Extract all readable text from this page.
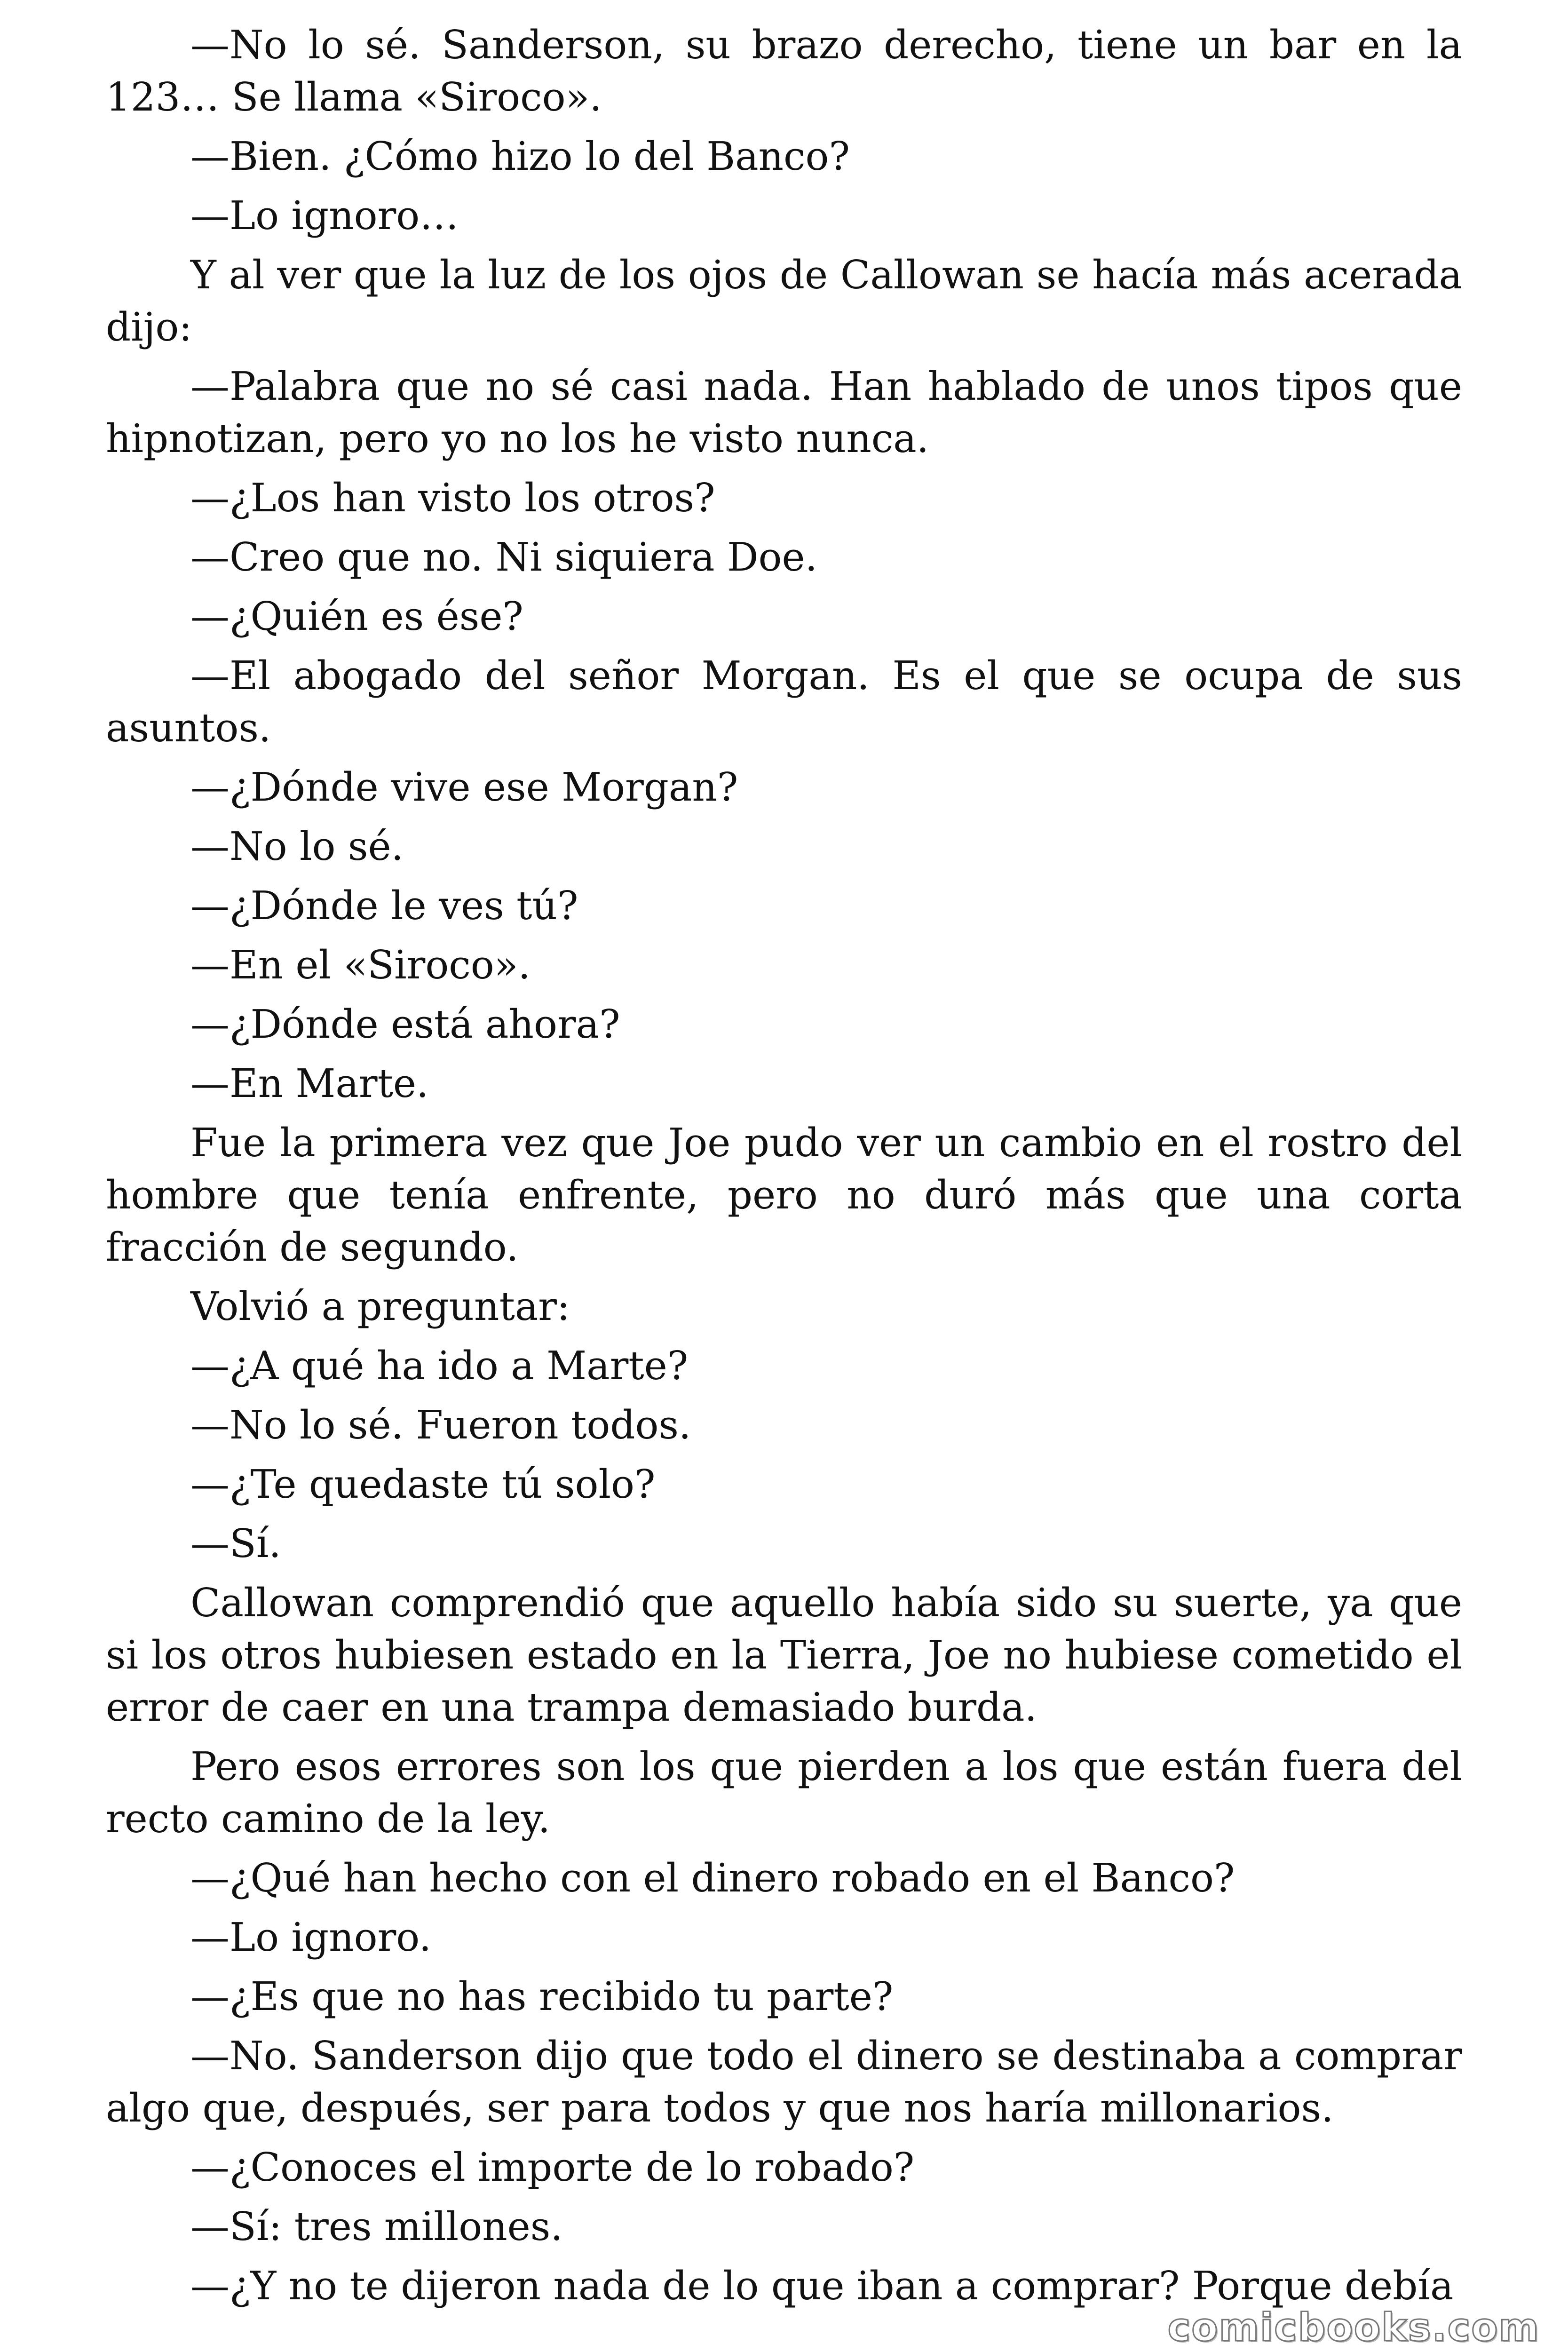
—No lo sé. Sanderson, su brazo derecho, tiene un bar en la 123… Se llama «Siroco».

—Bien. ¿Cómo hizo lo del Banco?

—Lo ignoro…

Y al ver que la luz de los ojos de Callowan se hacía más acerada dijo:

—Palabra que no sé casi nada. Han hablado de unos tipos que hipnotizan, pero yo no los he visto nunca.

—¿Los han visto los otros?

—Creo que no. Ni siquiera Doe.

—¿Quién es ése?

—El abogado del señor Morgan. Es el que se ocupa de sus asuntos.

—¿Dónde vive ese Morgan?

—No lo sé.

—¿Dónde le ves tú?

—En el «Siroco».

—¿Dónde está ahora?

—En Marte.

Fue la primera vez que Joe pudo ver un cambio en el rostro del hombre que tenía enfrente, pero no duró más que una corta fracción de segundo.

Volvió a preguntar:

—¿A qué ha ido a Marte?

—No lo sé. Fueron todos.

—¿Te quedaste tú solo?

—Sí.

Callowan comprendió que aquello había sido su suerte, ya que si los otros hubiesen estado en la Tierra, Joe no hubiese cometido el error de caer en una trampa demasiado burda.

Pero esos errores son los que pierden a los que están fuera del recto camino de la ley.

—¿Qué han hecho con el dinero robado en el Banco?

—Lo ignoro.

—¿Es que no has recibido tu parte?

—No. Sanderson dijo que todo el dinero se destinaba a comprar algo que, después, ser para todos y que nos haría millonarios.

—¿Conoces el importe de lo robado?

—Sí: tres millones.

—¿Y no te dijeron nada de lo que iban a comprar? Porque debía

comicbooks.com
